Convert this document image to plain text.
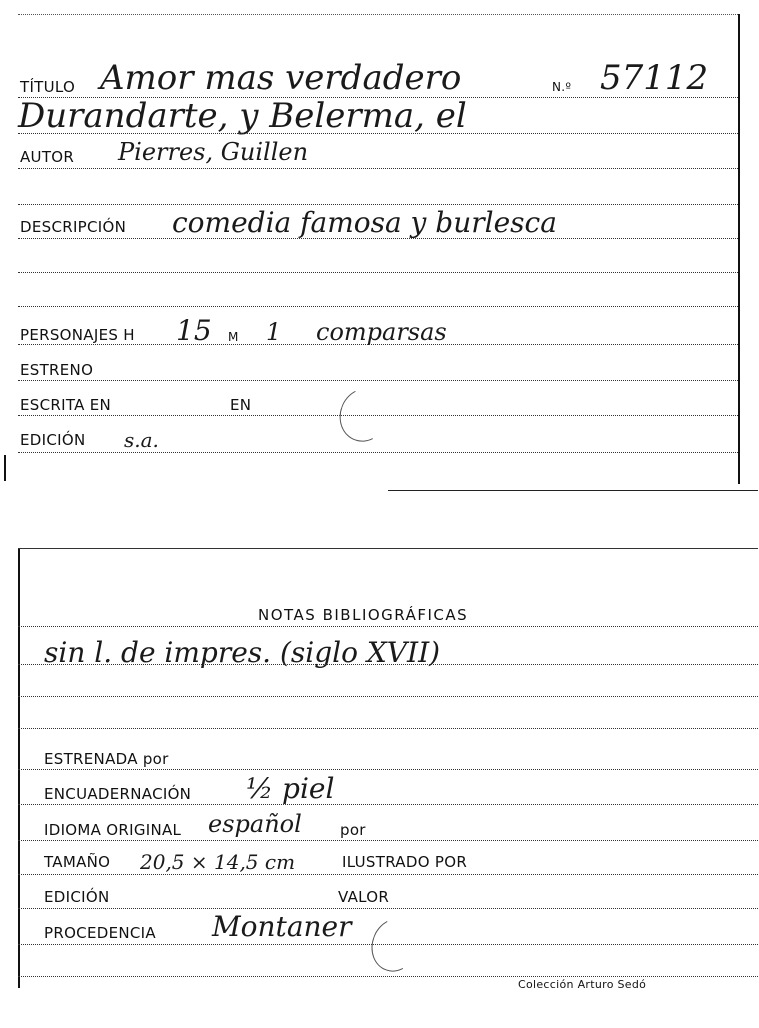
TÍTULO Amor mas verdadero	N.º 57112
Durandarte, y Belerma, el
AUTOR Pierres, Guillen
DESCRIPCIÓN comedia famosa y burlesca
PERSONAJES H 15 M 1 comparsas
ESTRENO
ESCRITA EN	EN
EDICIÓN s.a.
NOTAS BIBLIOGRÁFICAS
sin l. de impres. (siglo XVII)
ESTRENADA por
ENCUADERNACIÓN ½ piel
IDIOMA ORIGINAL español	por
TAMAÑO 20,5 × 14,5 cm	ILUSTRADO POR
EDICIÓN	VALOR
PROCEDENCIA Montaner
Colección Arturo Sedó
